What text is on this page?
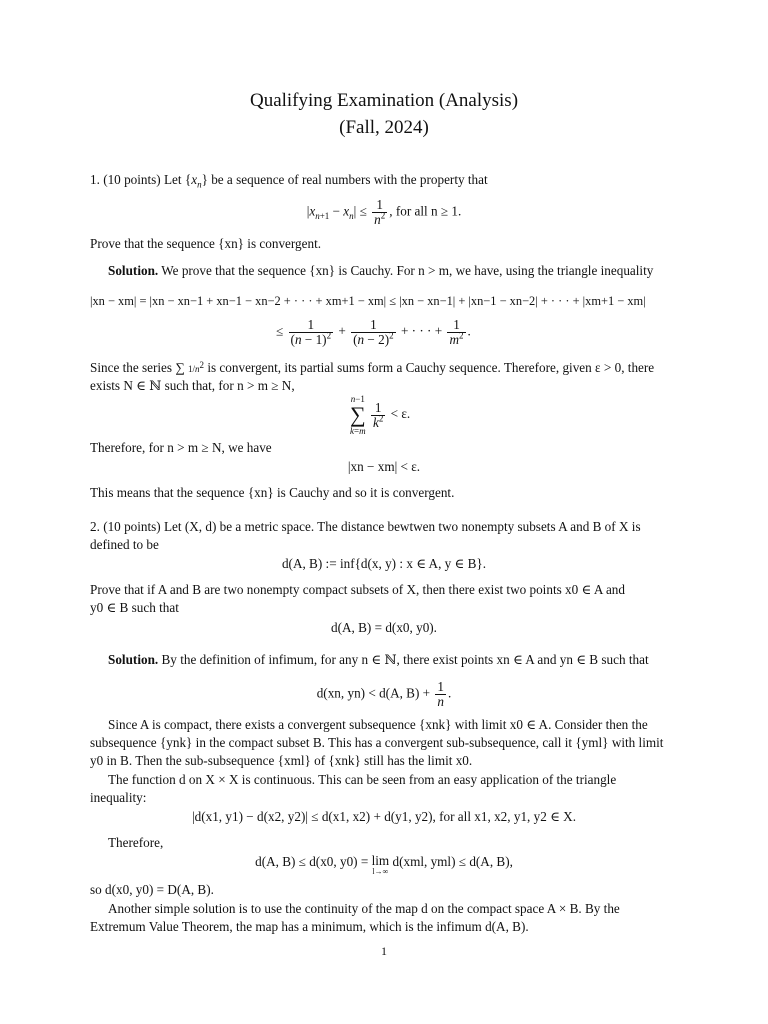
Qualifying Examination (Analysis)
(Fall, 2024)
1. (10 points) Let $\{x_n\}$ be a sequence of real numbers with the property that
$|x_{n+1} - x_n| \le \frac{1}{n^2}$ , for all n ≥ 1.
Prove that the sequence {xn} is convergent.
Solution. We prove that the sequence {xn} is Cauchy. For n > m, we have, using the triangle inequality
|xn − xm| = |xn − xn−1 + xn−1 − xn−2 + · · · + xm+1 − xm| ≤ |xn − xn−1| + |xn−1 − xn−2| + · · · + |xm+1 − xm|
≤ $\frac{1}{(n - 1)^2} + \frac{1}{(n - 2)^2}$ + · · · + $\frac{1}{m^2}$ .
Since the series ∑ $1/n^2$ is convergent, its partial sums form a Cauchy sequence. Therefore, given ε > 0, there
exists N ∈ ℕ such that, for n > m ≥ N,
n−1
∑
k=m

$\frac{1}{k^2} < \varepsilon$.
Therefore, for n > m ≥ N, we have
|xn − xm| < ε.
This means that the sequence {xn} is Cauchy and so it is convergent.
2. (10 points) Let (X, d) be a metric space. The distance bewtwen two nonempty subsets A and B of X is
defined to be
d(A, B) := inf{d(x, y) : x ∈ A, y ∈ B}.
Prove that if A and B are two nonempty compact subsets of X, then there exist two points x0 ∈ A and
y0 ∈ B such that
d(A, B) = d(x0, y0).
Solution. By the definition of infimum, for any n ∈ ℕ, there exist points xn ∈ A and yn ∈ B such that
d(xn, yn) < d(A, $B) + \frac{1}{n}$ .
Since A is compact, there exists a convergent subsequence {xnk} with limit x0 ∈ A. Consider then the
subsequence {ynk} in the compact subset B. This has a convergent sub-subsequence, call it {yml} with limit
y0 in B. Then the sub-subsequence {xml} of {xnk} still has the limit x0.
The function d on X × X is continuous. This can be seen from an easy application of the triangle
inequality:
|d(x1, y1) − d(x2, y2)| ≤ d(x1, x2) + d(y1, y2), for all x1, x2, y1, y2 ∈ X.
Therefore,
d(A, B) ≤ d(x0, y0) = lim
l→∞
d(xml, yml) ≤ d(A, B),
so d(x0, y0) = D(A, B).
Another simple solution is to use the continuity of the map d on the compact space A × B. By the
Extremum Value Theorem, the map has a minimum, which is the infimum d(A, B).
1
